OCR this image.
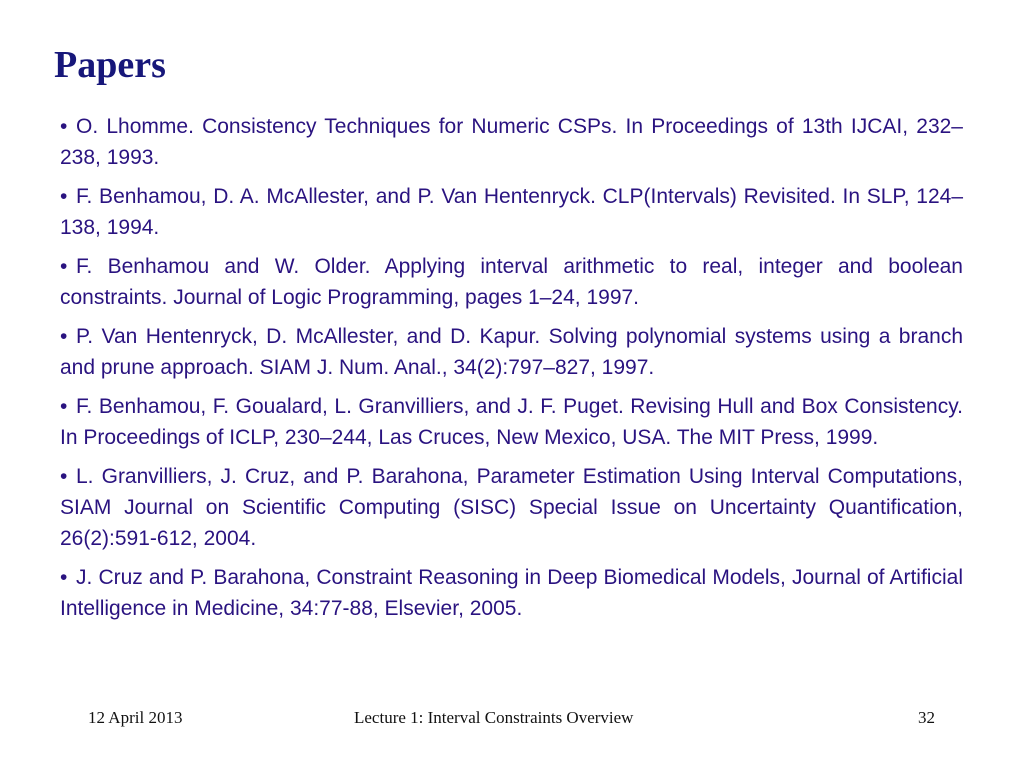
Papers
• O. Lhomme. Consistency Techniques for Numeric CSPs. In Proceedings of 13th IJCAI, 232–238, 1993.
• F. Benhamou, D. A. McAllester, and P. Van Hentenryck. CLP(Intervals) Revisited. In SLP, 124–138, 1994.
• F. Benhamou and W. Older. Applying interval arithmetic to real, integer and boolean constraints. Journal of Logic Programming, pages 1–24, 1997.
• P. Van Hentenryck, D. McAllester, and D. Kapur. Solving polynomial systems using a branch and prune approach. SIAM J. Num. Anal., 34(2):797–827, 1997.
• F. Benhamou, F. Goualard, L. Granvilliers, and J. F. Puget. Revising Hull and Box Consistency. In Proceedings of ICLP, 230–244, Las Cruces, New Mexico, USA. The MIT Press, 1999.
• L. Granvilliers, J. Cruz, and P. Barahona, Parameter Estimation Using Interval Computations, SIAM Journal on Scientific Computing (SISC) Special Issue on Uncertainty Quantification, 26(2):591-612, 2004.
• J. Cruz and P. Barahona, Constraint Reasoning in Deep Biomedical Models, Journal of Artificial Intelligence in Medicine, 34:77-88, Elsevier, 2005.
12 April 2013	Lecture 1: Interval Constraints Overview	32
